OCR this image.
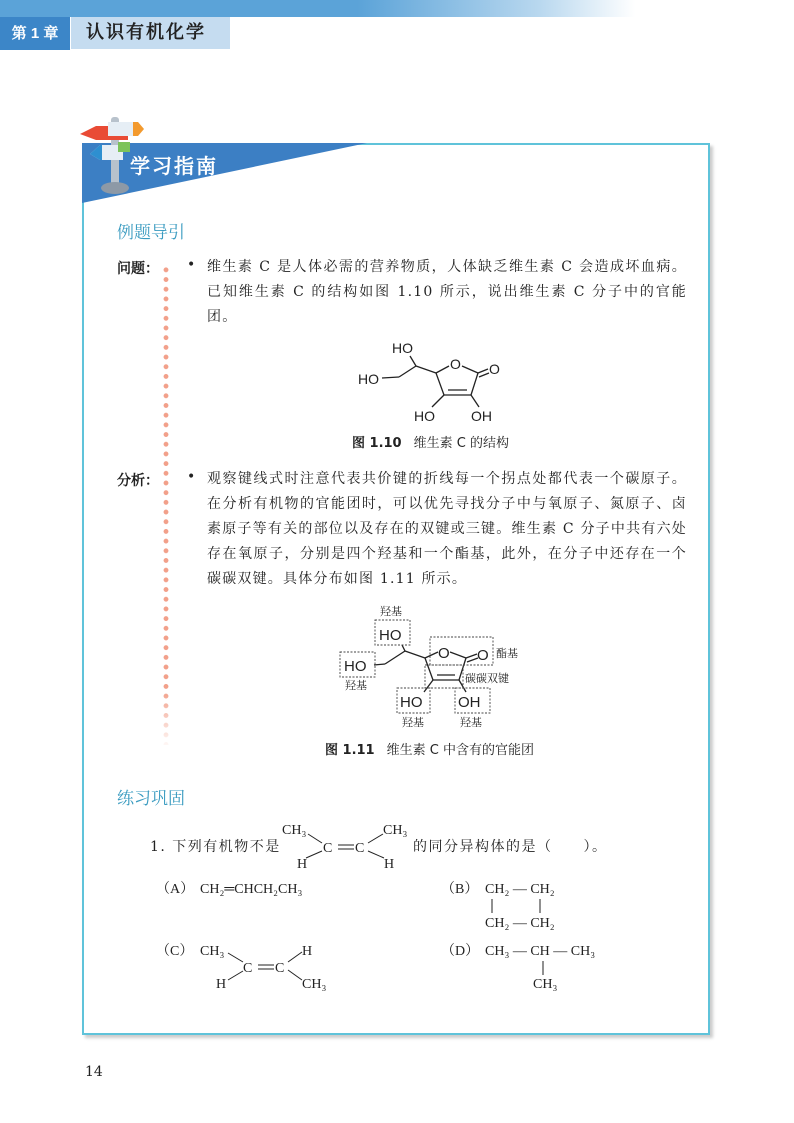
第 1 章	认识有机化学
学习指南
例题导引
问题： • 维生素 C 是人体必需的营养物质，人体缺乏维生素 C 会造成坏血病。已知维生素 C 的结构如图 1.10 所示，说出维生素 C 分子中的官能团。
HO
HO
O O
HO	OH
图 1.10 维生素 C 的结构
分析： • 观察键线式时注意代表共价键的折线每一个拐点处都代表一个碳原子。在分析有机物的官能团时，可以优先寻找分子中与氧原子、氮原子、卤素原子等有关的部位以及存在的双键或三键。维生素 C 分子中共有六处存在氧原子，分别是四个羟基和一个酯基，此外，在分子中还存在一个碳碳双键。具体分布如图 1.11 所示。
HO
HO
O O
HO OH
羟基
羟基
酯基
碳碳双键
羟基	羟基
图 1.11 维生素 C 中含有的官能团
练习巩固
1. 下列有机物不是
CH₃
C C
CH₃
H	H
的同分异构体的是（　　）。
（A） CH₂═CHCH₂CH₃	（B） CH₂ — CH₂
CH₂ — CH₂
（C） CH₃
C C
H
H	CH₃
（D） CH₃ — CH — CH₃
CH₃
14
